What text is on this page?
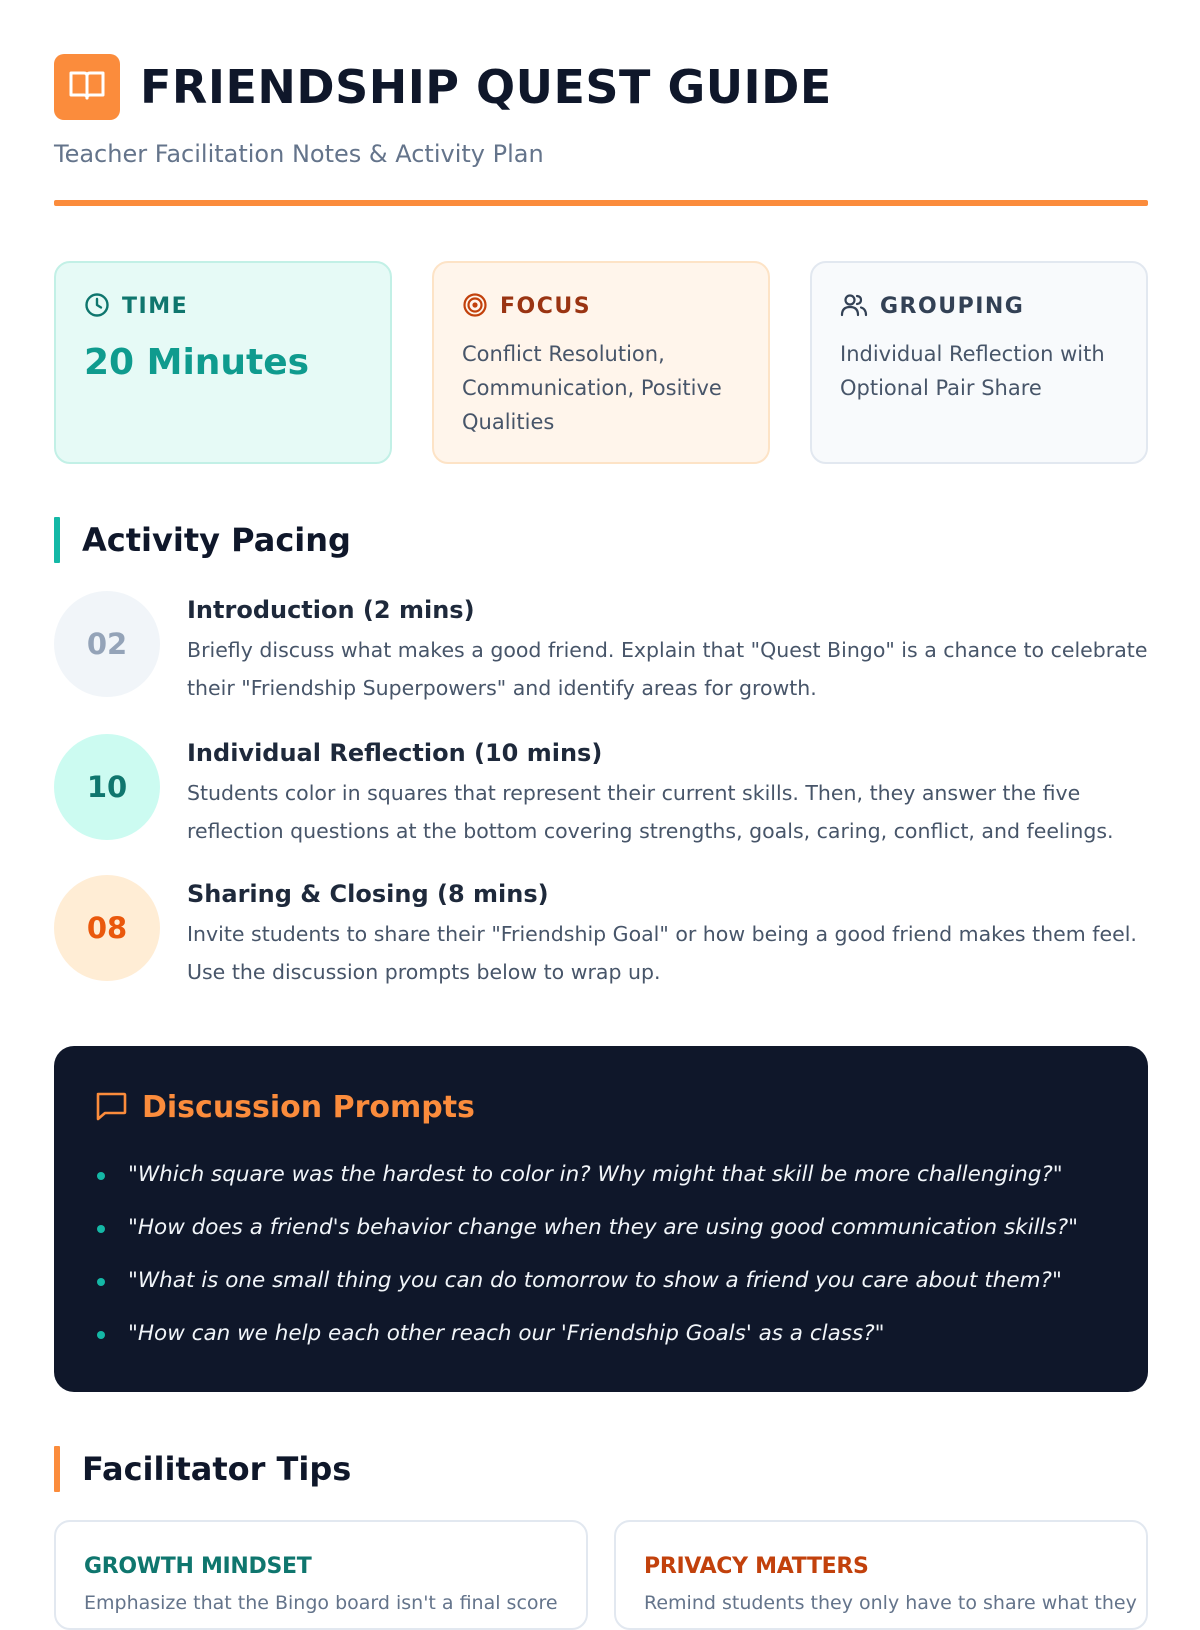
FRIENDSHIP QUEST GUIDE
Teacher Facilitation Notes & Activity Plan
TIME
20 Minutes
FOCUS
Conflict Resolution, Communication, Positive Qualities
GROUPING
Individual Reflection with Optional Pair Share
Activity Pacing
02
Introduction (2 mins)
Briefly discuss what makes a good friend. Explain that "Quest Bingo" is a chance to celebrate their "Friendship Superpowers" and identify areas for growth.
10
Individual Reflection (10 mins)
Students color in squares that represent their current skills. Then, they answer the five reflection questions at the bottom covering strengths, goals, caring, conflict, and feelings.
08
Sharing & Closing (8 mins)
Invite students to share their "Friendship Goal" or how being a good friend makes them feel. Use the discussion prompts below to wrap up.
Discussion Prompts
"Which square was the hardest to color in? Why might that skill be more challenging?"
"How does a friend's behavior change when they are using good communication skills?"
"What is one small thing you can do tomorrow to show a friend you care about them?"
"How can we help each other reach our 'Friendship Goals' as a class?"
Facilitator Tips
GROWTH MINDSET
Emphasize that the Bingo board isn't a final score
PRIVACY MATTERS
Remind students they only have to share what they
